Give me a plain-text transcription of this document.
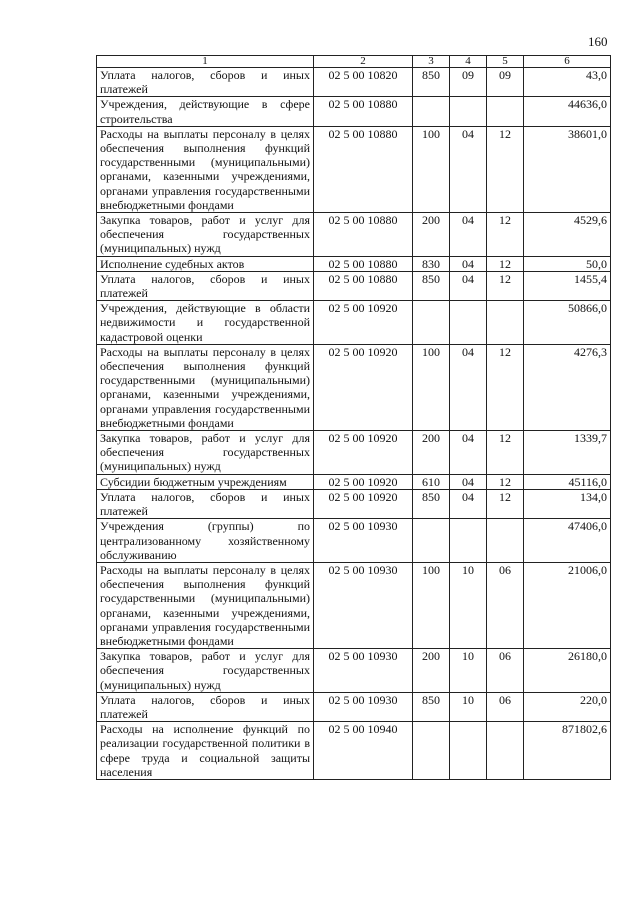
160
1	2	3	4	5	6
Уплата налогов, сборов и иных платежей	02 5 00 10820	850	09	09	43,0
Учреждения, действующие в сфере строительства	02 5 00 10880				44636,0
Расходы на выплаты персоналу в целях обеспечения выполнения функций государственными (муниципальными) органами, казенными учреждениями, органами управления государственными внебюджетными фондами	02 5 00 10880	100	04	12	38601,0
Закупка товаров, работ и услуг для обеспечения государственных (муниципальных) нужд	02 5 00 10880	200	04	12	4529,6
Исполнение судебных актов	02 5 00 10880	830	04	12	50,0
Уплата налогов, сборов и иных платежей	02 5 00 10880	850	04	12	1455,4
Учреждения, действующие в области недвижимости и государственной кадастровой оценки	02 5 00 10920				50866,0
Расходы на выплаты персоналу в целях обеспечения выполнения функций государственными (муниципальными) органами, казенными учреждениями, органами управления государственными внебюджетными фондами	02 5 00 10920	100	04	12	4276,3
Закупка товаров, работ и услуг для обеспечения государственных (муниципальных) нужд	02 5 00 10920	200	04	12	1339,7
Субсидии бюджетным учреждениям	02 5 00 10920	610	04	12	45116,0
Уплата налогов, сборов и иных платежей	02 5 00 10920	850	04	12	134,0
Учреждения (группы) по централизованному хозяйственному обслуживанию	02 5 00 10930				47406,0
Расходы на выплаты персоналу в целях обеспечения выполнения функций государственными (муниципальными) органами, казенными учреждениями, органами управления государственными внебюджетными фондами	02 5 00 10930	100	10	06	21006,0
Закупка товаров, работ и услуг для обеспечения государственных (муниципальных) нужд	02 5 00 10930	200	10	06	26180,0
Уплата налогов, сборов и иных платежей	02 5 00 10930	850	10	06	220,0
Расходы на исполнение функций по реализации государственной политики в сфере труда и социальной защиты населения	02 5 00 10940				871802,6
